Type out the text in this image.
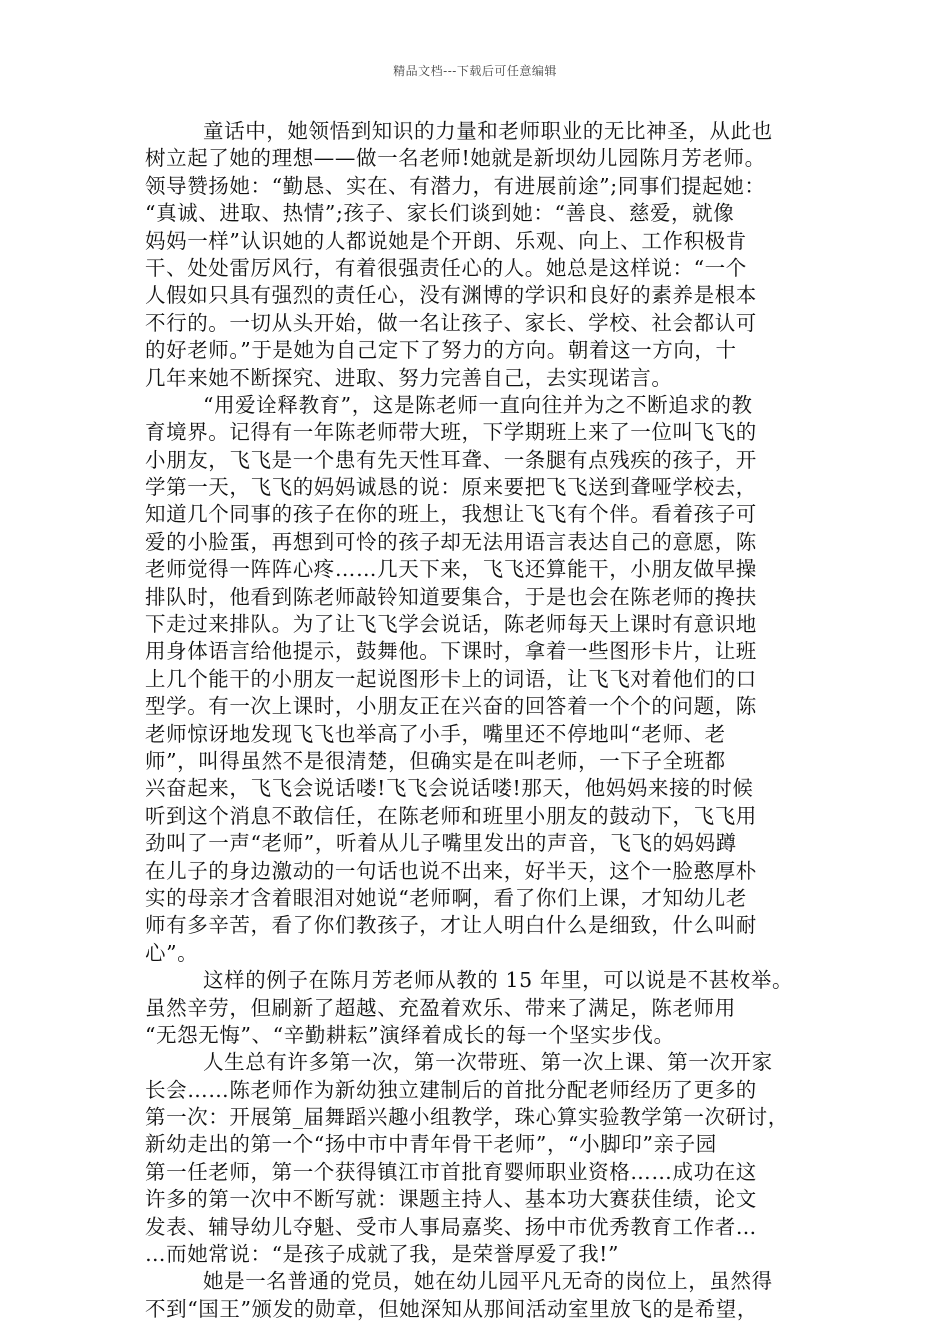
精品文档---下载后可任意编辑
童话中，她领悟到知识的力量和老师职业的无比神圣，从此也
树立起了她的理想——做一名老师!她就是新坝幼儿园陈月芳老师。
领导赞扬她：“勤恳、实在、有潜力，有进展前途”;同事们提起她：
“真诚、进取、热情”;孩子、家长们谈到她：“善良、慈爱，就像
妈妈一样”认识她的人都说她是个开朗、乐观、向上、工作积极肯
干、处处雷厉风行，有着很强责任心的人。她总是这样说：“一个
人假如只具有强烈的责任心，没有渊博的学识和良好的素养是根本
不行的。一切从头开始，做一名让孩子、家长、学校、社会都认可
的好老师。”于是她为自己定下了努力的方向。朝着这一方向，十
几年来她不断探究、进取、努力完善自己，去实现诺言。
“用爱诠释教育”，这是陈老师一直向往并为之不断追求的教
育境界。记得有一年陈老师带大班，下学期班上来了一位叫飞飞的
小朋友，飞飞是一个患有先天性耳聋、一条腿有点残疾的孩子，开
学第一天，飞飞的妈妈诚恳的说：原来要把飞飞送到聋哑学校去，
知道几个同事的孩子在你的班上，我想让飞飞有个伴。看着孩子可
爱的小脸蛋，再想到可怜的孩子却无法用语言表达自己的意愿，陈
老师觉得一阵阵心疼……几天下来，飞飞还算能干，小朋友做早操
排队时，他看到陈老师敲铃知道要集合，于是也会在陈老师的搀扶
下走过来排队。为了让飞飞学会说话，陈老师每天上课时有意识地
用身体语言给他提示，鼓舞他。下课时，拿着一些图形卡片，让班
上几个能干的小朋友一起说图形卡上的词语，让飞飞对着他们的口
型学。有一次上课时，小朋友正在兴奋的回答着一个个的问题，陈
老师惊讶地发现飞飞也举高了小手，嘴里还不停地叫“老师、老
师”，叫得虽然不是很清楚，但确实是在叫老师，一下子全班都
兴奋起来，飞飞会说话喽!飞飞会说话喽!那天，他妈妈来接的时候
听到这个消息不敢信任，在陈老师和班里小朋友的鼓动下，飞飞用
劲叫了一声“老师”，听着从儿子嘴里发出的声音，飞飞的妈妈蹲
在儿子的身边激动的一句话也说不出来，好半天，这个一脸憨厚朴
实的母亲才含着眼泪对她说“老师啊，看了你们上课，才知幼儿老
师有多辛苦，看了你们教孩子，才让人明白什么是细致，什么叫耐
心”。
这样的例子在陈月芳老师从教的 15 年里，可以说是不甚枚举。
虽然辛劳，但刷新了超越、充盈着欢乐、带来了满足，陈老师用
“无怨无悔”、“辛勤耕耘”演绎着成长的每一个坚实步伐。
人生总有许多第一次，第一次带班、第一次上课、第一次开家
长会……陈老师作为新幼独立建制后的首批分配老师经历了更多的
第一次：开展第_届舞蹈兴趣小组教学，珠心算实验教学第一次研讨，
新幼走出的第一个“扬中市中青年骨干老师”，“小脚印”亲子园
第一任老师，第一个获得镇江市首批育婴师职业资格……成功在这
许多的第一次中不断写就：课题主持人、基本功大赛获佳绩，论文
发表、辅导幼儿夺魁、受市人事局嘉奖、扬中市优秀教育工作者…
…而她常说：“是孩子成就了我，是荣誉厚爱了我!”
她是一名普通的党员，她在幼儿园平凡无奇的岗位上，虽然得
不到“国王”颁发的勋章，但她深知从那间活动室里放飞的是希望，
